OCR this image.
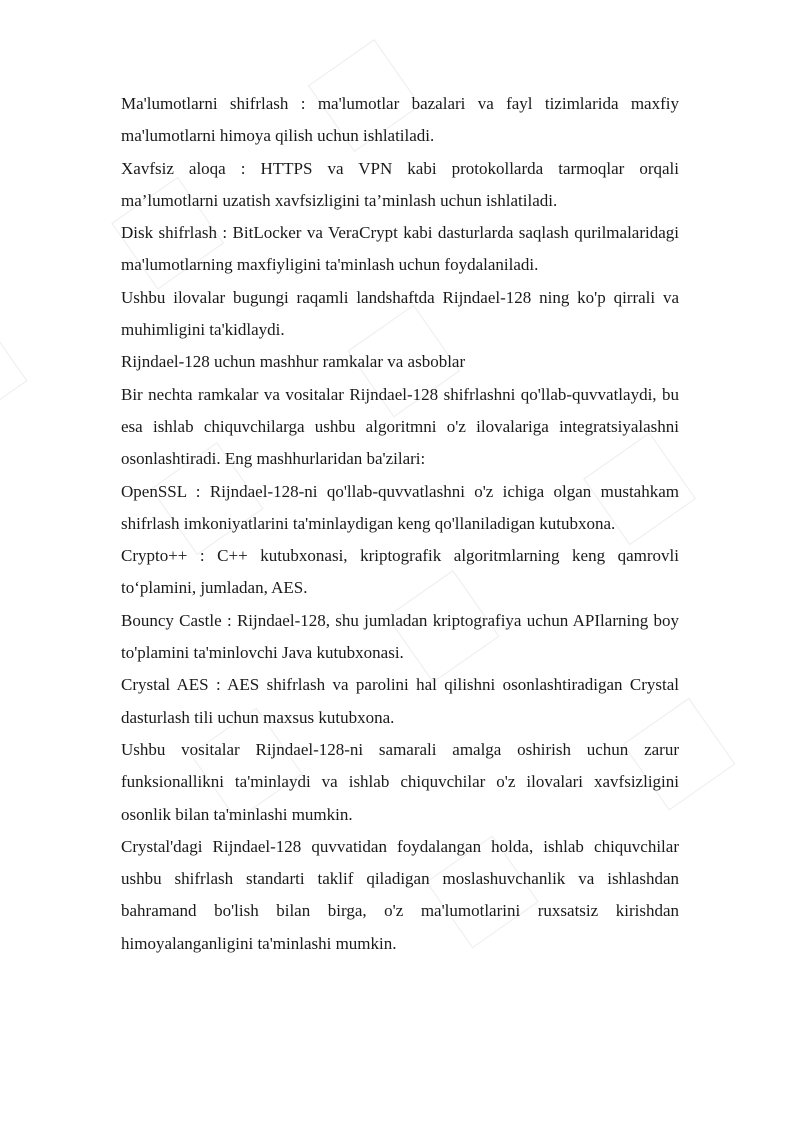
Ma'lumotlarni shifrlash : ma'lumotlar bazalari va fayl tizimlarida maxfiy ma'lumotlarni himoya qilish uchun ishlatiladi.

Xavfsiz aloqa : HTTPS va VPN kabi protokollarda tarmoqlar orqali ma’lumotlarni uzatish xavfsizligini ta’minlash uchun ishlatiladi.

Disk shifrlash : BitLocker va VeraCrypt kabi dasturlarda saqlash qurilmalaridagi ma'lumotlarning maxfiyligini ta'minlash uchun foydalaniladi.

Ushbu ilovalar bugungi raqamli landshaftda Rijndael-128 ning ko'p qirrali va muhimligini ta'kidlaydi.

Rijndael-128 uchun mashhur ramkalar va asboblar

Bir nechta ramkalar va vositalar Rijndael-128 shifrlashni qo'llab-quvvatlaydi, bu esa ishlab chiquvchilarga ushbu algoritmni o'z ilovalariga integratsiyalashni osonlashtiradi. Eng mashhurlaridan ba'zilari:

OpenSSL : Rijndael-128-ni qo'llab-quvvatlashni o'z ichiga olgan mustahkam shifrlash imkoniyatlarini ta'minlaydigan keng qo'llaniladigan kutubxona.

Crypto++ : C++ kutubxonasi, kriptografik algoritmlarning keng qamrovli to‘plamini, jumladan, AES.

Bouncy Castle : Rijndael-128, shu jumladan kriptografiya uchun APIlarning boy to'plamini ta'minlovchi Java kutubxonasi.

Crystal AES : AES shifrlash va parolini hal qilishni osonlashtiradigan Crystal dasturlash tili uchun maxsus kutubxona.

Ushbu vositalar Rijndael-128-ni samarali amalga oshirish uchun zarur funksionallikni ta'minlaydi va ishlab chiquvchilar o'z ilovalari xavfsizligini osonlik bilan ta'minlashi mumkin.

Crystal'dagi Rijndael-128 quvvatidan foydalangan holda, ishlab chiquvchilar ushbu shifrlash standarti taklif qiladigan moslashuvchanlik va ishlashdan bahramand bo'lish bilan birga, o'z ma'lumotlarini ruxsatsiz kirishdan himoyalanganligini ta'minlashi mumkin.
